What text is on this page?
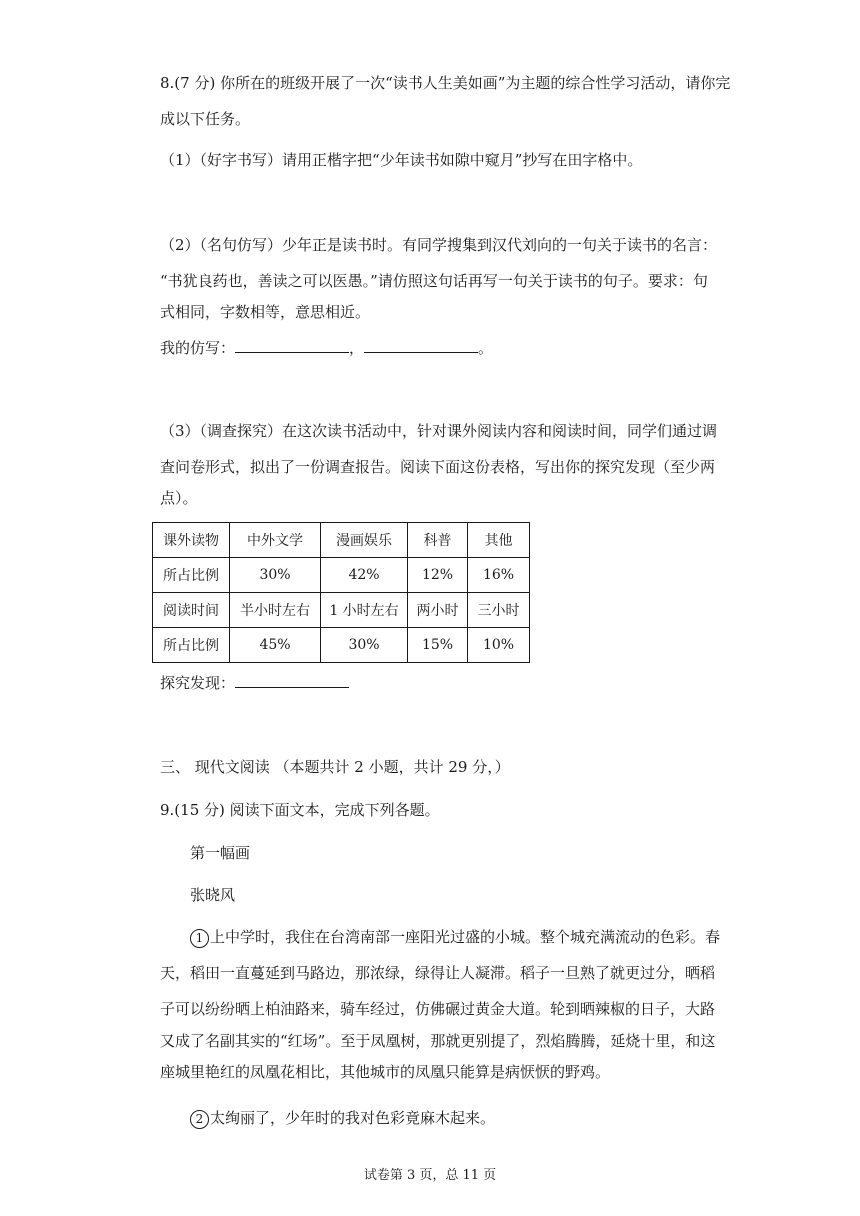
8.(7 分) 你所在的班级开展了一次“读书人生美如画”为主题的综合性学习活动，请你完
成以下任务。
（1）（好字书写）请用正楷字把“少年读书如隙中窥月”抄写在田字格中。
（2）（名句仿写）少年正是读书时。有同学搜集到汉代刘向的一句关于读书的名言：
“书犹良药也，善读之可以医愚。”请仿照这句话再写一句关于读书的句子。要求：句
式相同，字数相等，意思相近。
我的仿写：	，	。
（3）（调查探究）在这次读书活动中，针对课外阅读内容和阅读时间，同学们通过调
查问卷形式，拟出了一份调查报告。阅读下面这份表格，写出你的探究发现（至少两
点）。
课外读物	中外文学	漫画娱乐	科普	其他
所占比例	30%	42%	12%	16%
阅读时间	半小时左右	1 小时左右	两小时	三小时
所占比例	45%	30%	15%	10%
探究发现：
三、 现代文阅读 （本题共计 2 小题，共计 29 分，）
9.(15 分) 阅读下面文本，完成下列各题。
第一幅画
张晓风
1 上中学时，我住在台湾南部一座阳光过盛的小城。整个城充满流动的色彩。春
天，稻田一直蔓延到马路边，那浓绿，绿得让人凝滞。稻子一旦熟了就更过分，晒稻
子可以纷纷晒上柏油路来，骑车经过，仿佛碾过黄金大道。轮到晒辣椒的日子，大路
又成了名副其实的“红场”。至于凤凰树，那就更别提了，烈焰腾腾，延烧十里，和这
座城里艳红的凤凰花相比，其他城市的凤凰只能算是病恹恹的野鸡。
2 太绚丽了，少年时的我对色彩竟麻木起来。
试卷第 3 页，总 11 页
